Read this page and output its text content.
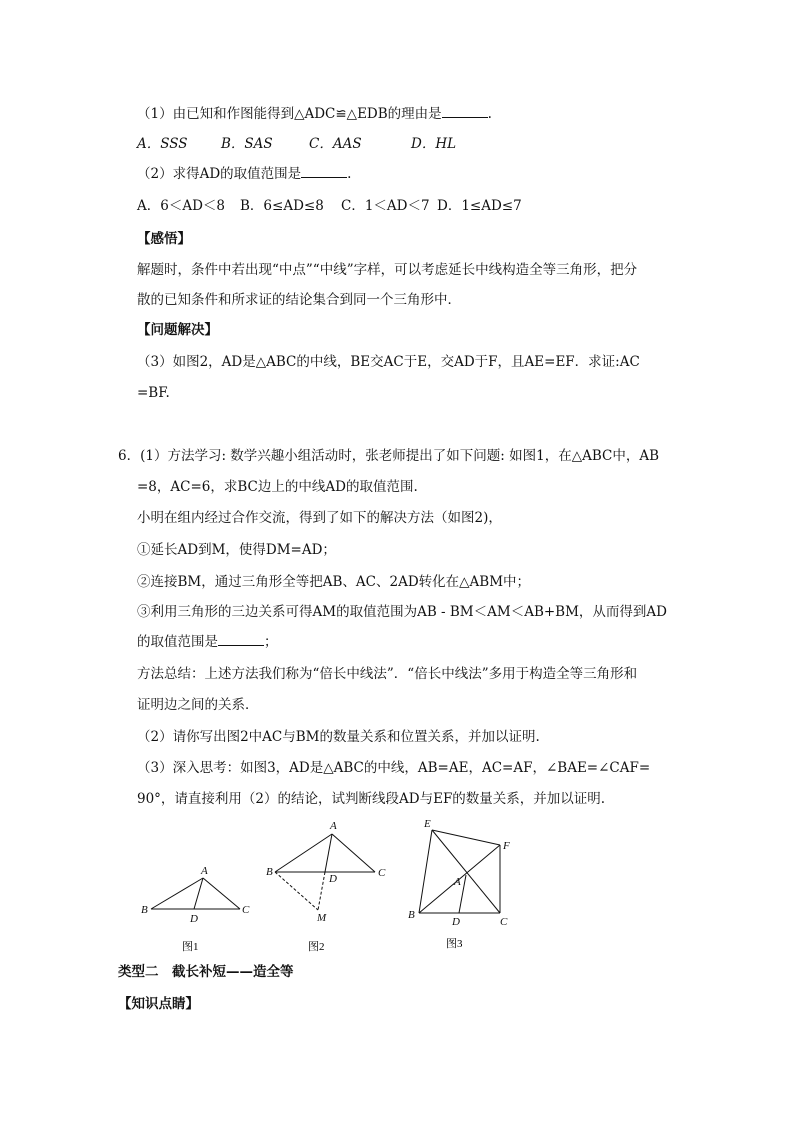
（1）由已知和作图能得到△ADC≌△EDB的理由是	.
A．SSS B．SAS	C．AAS	D．HL
（2）求得AD的取值范围是	.
A．6＜AD＜8 B．6≤AD≤8 C．1＜AD＜7 D．1≤AD≤7
【感悟】
解题时，条件中若出现“中点”“中线”字样，可以考虑延长中线构造全等三角形，把分
散的已知条件和所求证的结论集合到同一个三角形中．
【问题解决】
（3）如图2，AD是△ABC的中线，BE交AC于E，交AD于F，且AE=EF．求证:AC
=BF.
6．(1）方法学习: 数学兴趣小组活动时，张老师提出了如下问题: 如图1，在△ABC中，AB
=8，AC=6，求BC边上的中线AD的取值范围.
小明在组内经过合作交流，得到了如下的解决方法（如图2)，
①延长AD到M，使得DM=AD；
②连接BM，通过三角形全等把AB、AC、2AD转化在△ABM中；
③利用三角形的三边关系可得AM的取值范围为AB - BM＜AM＜AB+BM，从而得到AD
的取值范围是	；
方法总结：上述方法我们称为“倍长中线法”．“倍长中线法”多用于构造全等三角形和
证明边之间的关系．
（2）请你写出图2中AC与BM的数量关系和位置关系，并加以证明.
（3）深入思考：如图3，AD是△ABC的中线，AB=AE，AC=AF，∠BAE=∠CAF=
90°，请直接利用（2）的结论，试判断线段AD与EF的数量关系，并加以证明.
A
B	C
D
图1
A
B	C
D
M
图2
E
F
A
B
D	C
图3
类型二　截长补短——造全等
【知识点睛】
